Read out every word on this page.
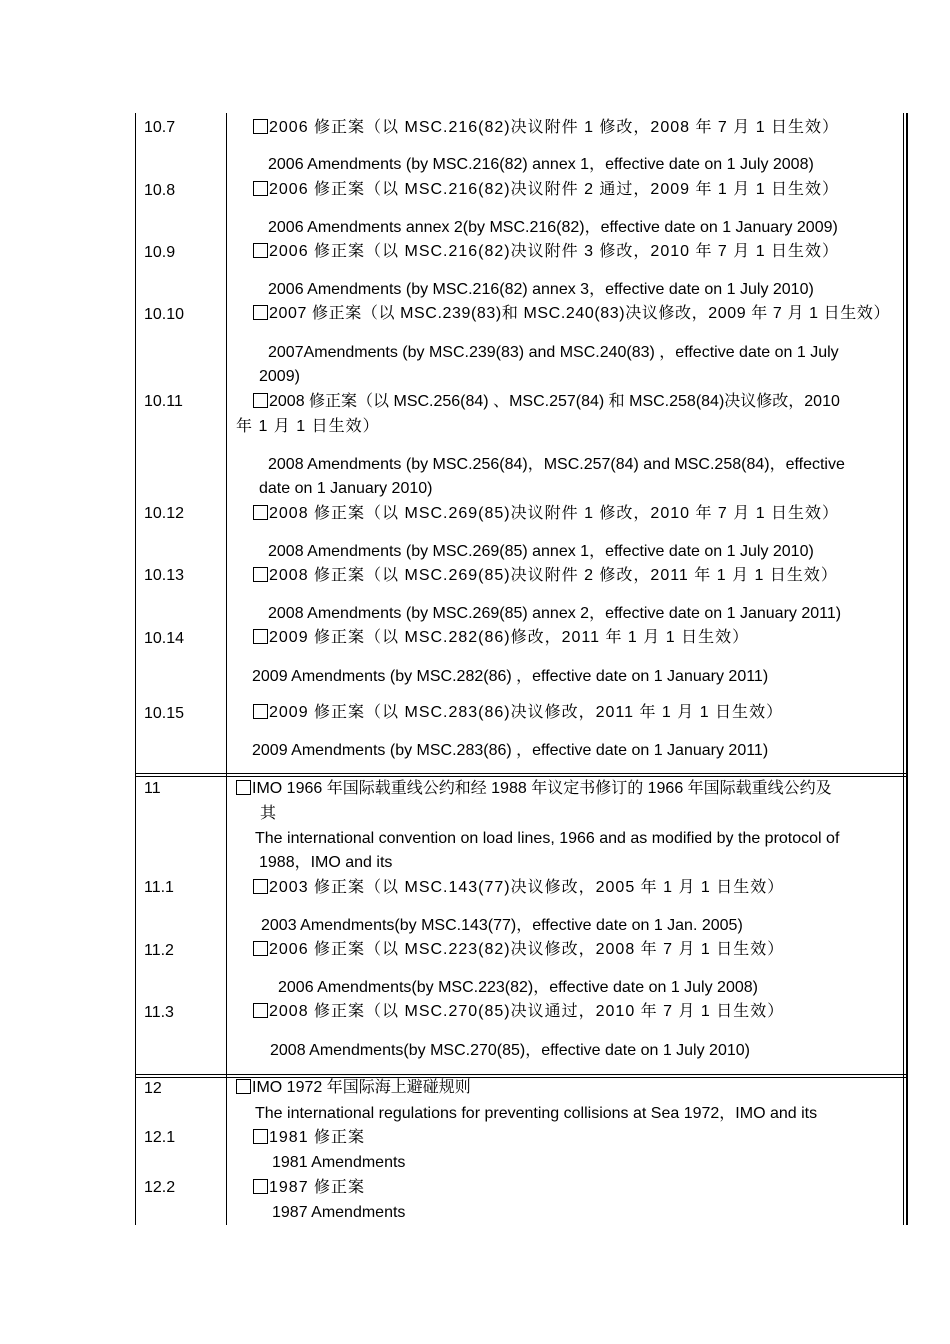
10.7	2006 修正案（以 MSC.216(82)决议附件 1 修改，2008 年 7 月 1 日生效）
2006 Amendments (by MSC.216(82) annex 1，effective date on 1 July 2008)
10.8	2006 修正案（以 MSC.216(82)决议附件 2 通过，2009 年 1 月 1 日生效）
2006 Amendments annex 2(by MSC.216(82)，effective date on 1 January 2009)
10.9	2006 修正案（以 MSC.216(82)决议附件 3 修改，2010 年 7 月 1 日生效）
2006 Amendments (by MSC.216(82) annex 3，effective date on 1 July 2010)
10.10	2007 修正案（以 MSC.239(83)和 MSC.240(83)决议修改，2009 年 7 月 1 日生效）
2007Amendments (by MSC.239(83) and MSC.240(83) ，effective date on 1 July
2009)
10.11	2008 修正案（以 MSC.256(84) 、MSC.257(84) 和 MSC.258(84)决议修改，2010
年 1 月 1 日生效）
2008 Amendments (by MSC.256(84)，MSC.257(84) and MSC.258(84)，effective
date on 1 January 2010)
10.12	2008 修正案（以 MSC.269(85)决议附件 1 修改，2010 年 7 月 1 日生效）
2008 Amendments (by MSC.269(85) annex 1，effective date on 1 July 2010)
10.13	2008 修正案（以 MSC.269(85)决议附件 2 修改，2011 年 1 月 1 日生效）
2008 Amendments (by MSC.269(85) annex 2，effective date on 1 January 2011)
10.14	2009 修正案（以 MSC.282(86)修改，2011 年 1 月 1 日生效）
2009 Amendments (by MSC.282(86) ，effective date on 1 January 2011)
10.15	2009 修正案（以 MSC.283(86)决议修改，2011 年 1 月 1 日生效）
2009 Amendments (by MSC.283(86) ，effective date on 1 January 2011)
11	IMO 1966 年国际载重线公约和经 1988 年议定书修订的 1966 年国际载重线公约及
其
The international convention on load lines, 1966 and as modified by the protocol of
1988，IMO and its
11.1	2003 修正案（以 MSC.143(77)决议修改，2005 年 1 月 1 日生效）
2003 Amendments(by MSC.143(77)，effective date on 1 Jan. 2005)
11.2	2006 修正案（以 MSC.223(82)决议修改，2008 年 7 月 1 日生效）
2006 Amendments(by MSC.223(82)，effective date on 1 July 2008)
11.3	2008 修正案（以 MSC.270(85)决议通过，2010 年 7 月 1 日生效）
2008 Amendments(by MSC.270(85)，effective date on 1 July 2010)
12	IMO 1972 年国际海上避碰规则
The international regulations for preventing collisions at Sea 1972，IMO and its
12.1	1981 修正案
1981 Amendments
12.2	1987 修正案
1987 Amendments
